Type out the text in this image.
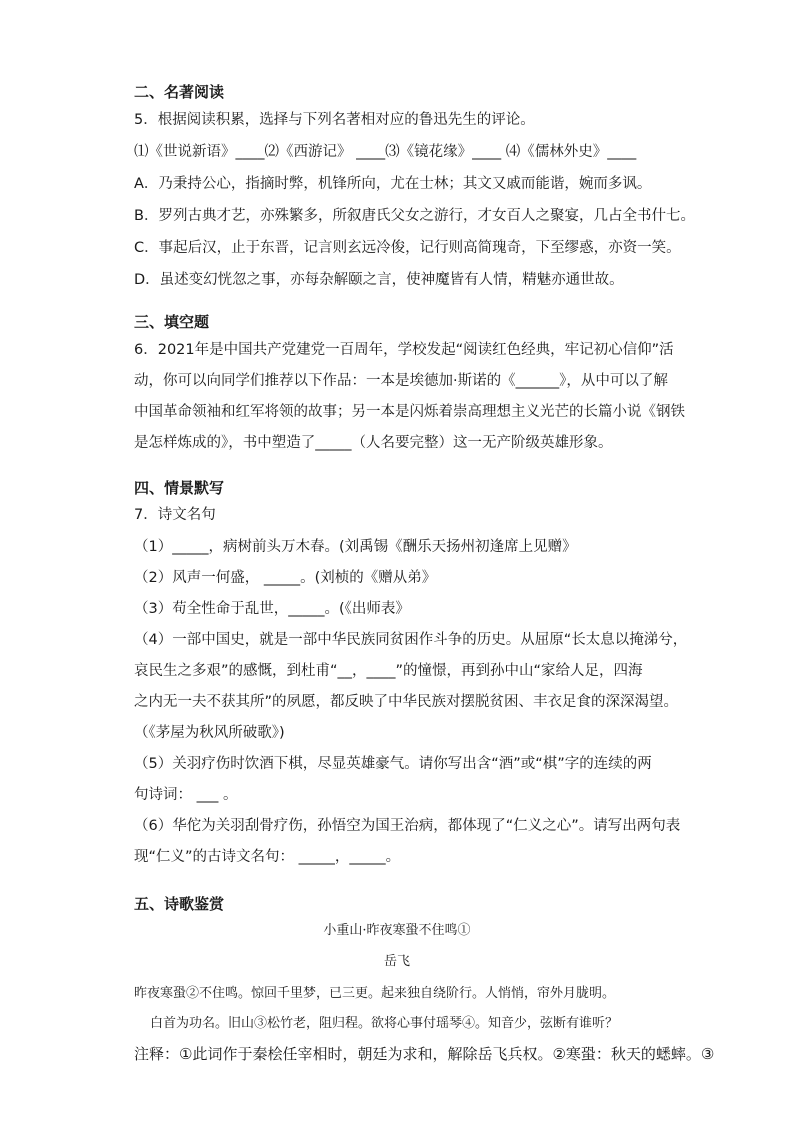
二、名著阅读
5．根据阅读积累，选择与下列名著相对应的鲁迅先生的评论。
⑴《世说新语》____⑵《西游记》 ____⑶《镜花缘》____ ⑷《儒林外史》____
A．乃秉持公心，指摘时弊，机锋所向，尤在士林；其文又戚而能谐，婉而多讽。
B．罗列古典才艺，亦殊繁多，所叙唐氏父女之游行，才女百人之聚宴，几占全书什七。
C．事起后汉，止于东晋，记言则玄远冷俊，记行则高简瑰奇，下至缪惑，亦资一笑。
D．虽述变幻恍忽之事，亦每杂解颐之言，使神魔皆有人情，精魅亦通世故。
三、填空题
6．2021年是中国共产党建党一百周年，学校发起“阅读红色经典，牢记初心信仰”活
动，你可以向同学们推荐以下作品：一本是埃德加·斯诺的《______》，从中可以了解
中国革命领袖和红军将领的故事；另一本是闪烁着崇高理想主义光芒的长篇小说《钢铁
是怎样炼成的》，书中塑造了_____（人名要完整）这一无产阶级英雄形象。
四、情景默写
7．诗文名句
（1）_____，病树前头万木春。(刘禹锡《酬乐天扬州初逢席上见赠》
（2）风声一何盛， _____。(刘桢的《赠从弟》
（3）苟全性命于乱世，_____。(《出师表》
（4）一部中国史，就是一部中华民族同贫困作斗争的历史。从屈原“长太息以掩涕兮，
哀民生之多艰”的感慨，到杜甫“__，____”的憧憬，再到孙中山“家给人足，四海
之内无一夫不获其所”的夙愿，都反映了中华民族对摆脱贫困、丰衣足食的深深渴望。
（《茅屋为秋风所破歌》)
（5）关羽疗伤时饮酒下棋，尽显英雄豪气。请你写出含“酒”或“棋”字的连续的两
句诗词： ___ 。
（6）华佗为关羽刮骨疗伤，孙悟空为国王治病，都体现了“仁义之心”。请写出两句表
现“仁义”的古诗文名句： _____，_____。
五、诗歌鉴赏
小重山·昨夜寒蛩不住鸣①
岳飞
昨夜寒蛩②不住鸣。惊回千里梦，已三更。起来独自绕阶行。人悄悄，帘外月胧明。
白首为功名。旧山③松竹老，阻归程。欲将心事付瑶琴④。知音少，弦断有谁听？
注释：①此词作于秦桧任宰相时，朝廷为求和，解除岳飞兵权。②寒蛩：秋天的蟋蟀。③
